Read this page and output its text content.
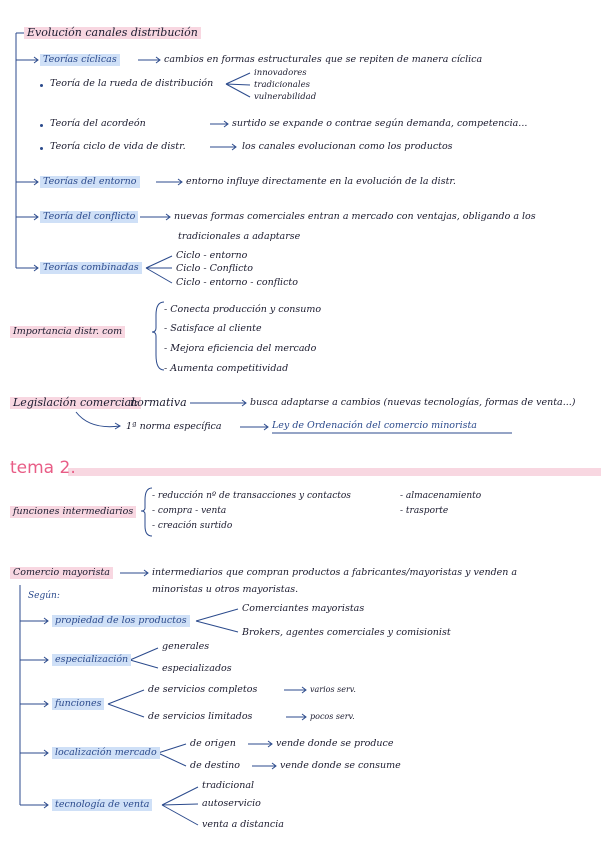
Evolución canales distribución
Teorías cíclicas	cambios en formas estructurales que se repiten de manera cíclica
Teoría de la rueda de distribución
innovadores
tradicionales
vulnerabilidad
Teoría del acordeón	surtido se expande o contrae según demanda, competencia...
Teoría ciclo de vida de distr.	los canales evolucionan como los productos
Teorías del entorno	entorno influye directamente en la evolución de la distr.
Teoría del conflicto	nuevas formas comerciales entran a mercado con ventajas, obligando a los
tradicionales a adaptarse
Teorías combinadas
Ciclo - entorno
Ciclo - Conflicto
Ciclo - entorno - conflicto
Importancia distr. com
- Conecta producción y consumo
- Satisface al cliente
- Mejora eficiencia del mercado
- Aumenta competitividad
Legislación comercial:
normativa	busca adaptarse a cambios (nuevas tecnologías, formas de venta...)
1ª norma específica	Ley de Ordenación del comercio minorista
tema 2.
funciones intermediarios
- reducción nº de transacciones y contactos
- compra - venta
- creación surtido
- almacenamiento
- trasporte
Comercio mayorista	intermediarios que compran productos a fabricantes/mayoristas y venden a
minoristas u otros mayoristas.
Según:
propiedad de los productos
Comerciantes mayoristas
Brokers, agentes comerciales y comisionist
especialización
generales
especializados
funciones
de servicios completos	varios serv.
de servicios limitados	pocos serv.
localización mercado
de origen	vende donde se produce
de destino	vende donde se consume
tecnología de venta
tradicional
autoservicio
venta a distancia
